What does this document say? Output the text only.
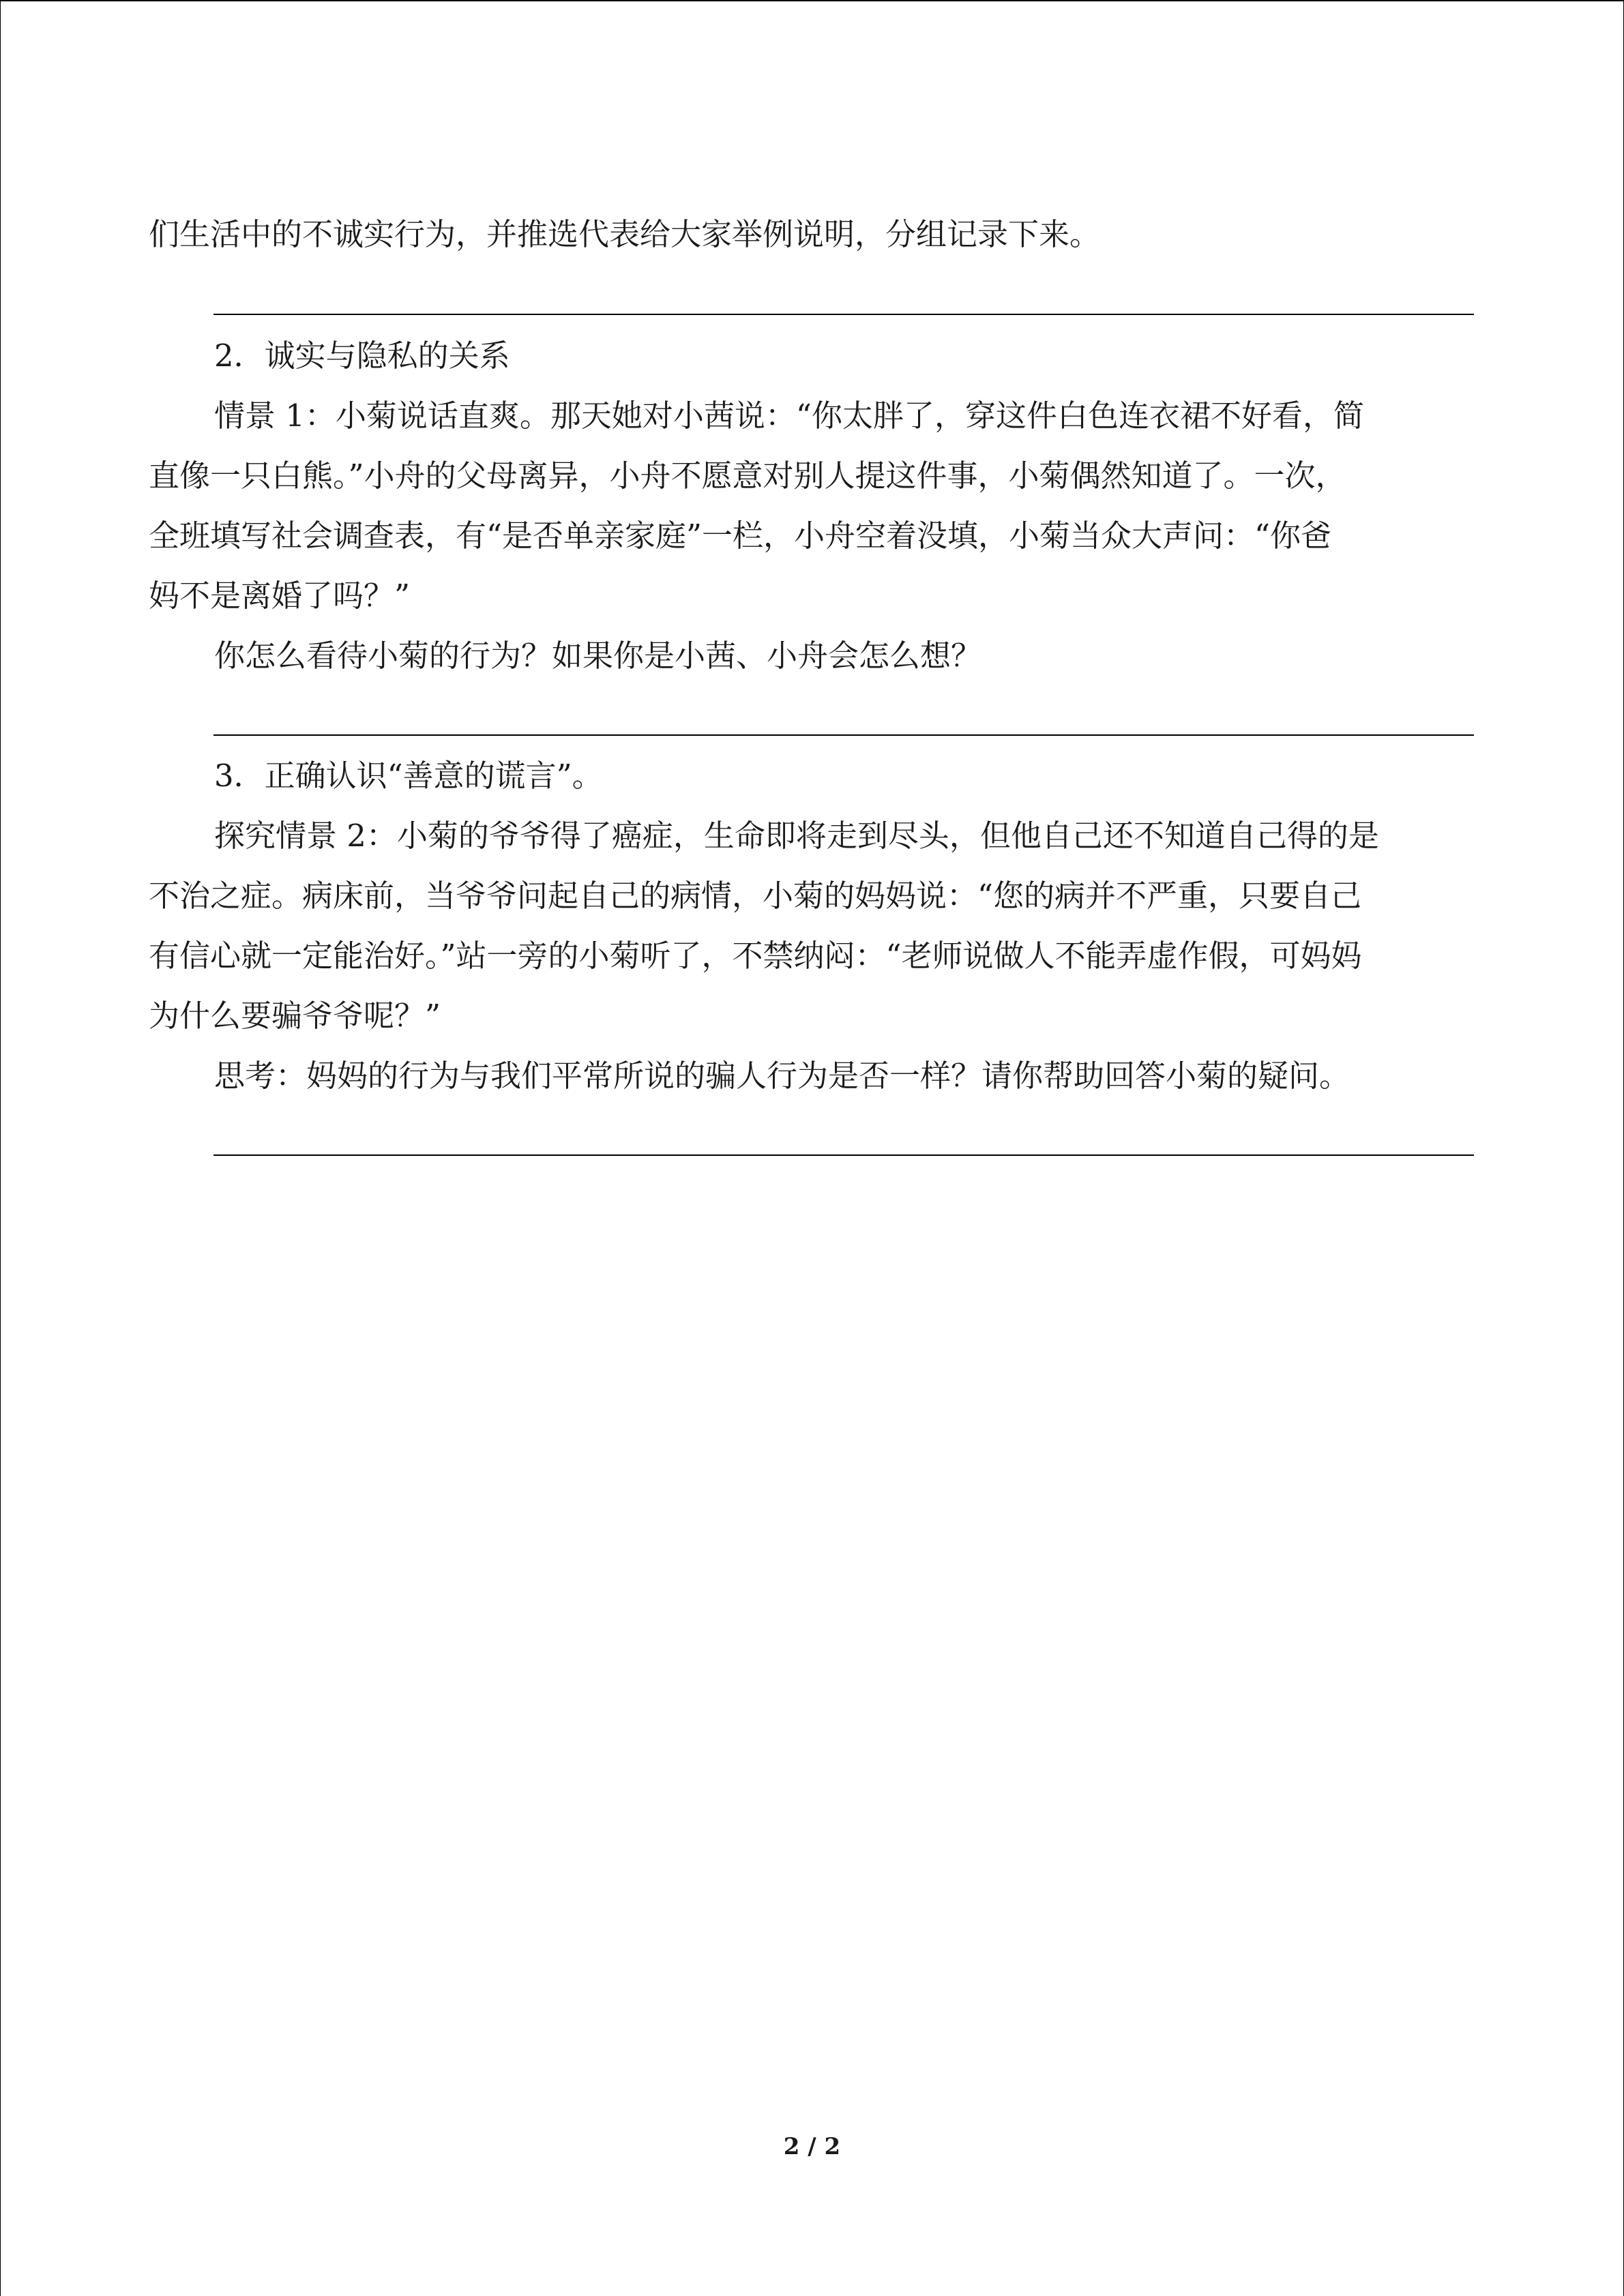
们生活中的不诚实行为，并推选代表给大家举例说明，分组记录下来。

2．诚实与隐私的关系

情景 1：小菊说话直爽。那天她对小茜说：“你太胖了，穿这件白色连衣裙不好看，简

直像一只白熊。”小舟的父母离异，小舟不愿意对别人提这件事，小菊偶然知道了。一次，

全班填写社会调查表，有“是否单亲家庭”一栏，小舟空着没填，小菊当众大声问：“你爸

妈不是离婚了吗？”

你怎么看待小菊的行为？如果你是小茜、小舟会怎么想？

3．正确认识“善意的谎言”。

探究情景 2：小菊的爷爷得了癌症，生命即将走到尽头，但他自己还不知道自己得的是

不治之症。病床前，当爷爷问起自己的病情，小菊的妈妈说：“您的病并不严重，只要自己

有信心就一定能治好。”站一旁的小菊听了，不禁纳闷：“老师说做人不能弄虚作假，可妈妈

为什么要骗爷爷呢？”

思考：妈妈的行为与我们平常所说的骗人行为是否一样？请你帮助回答小菊的疑问。

2 / 2
